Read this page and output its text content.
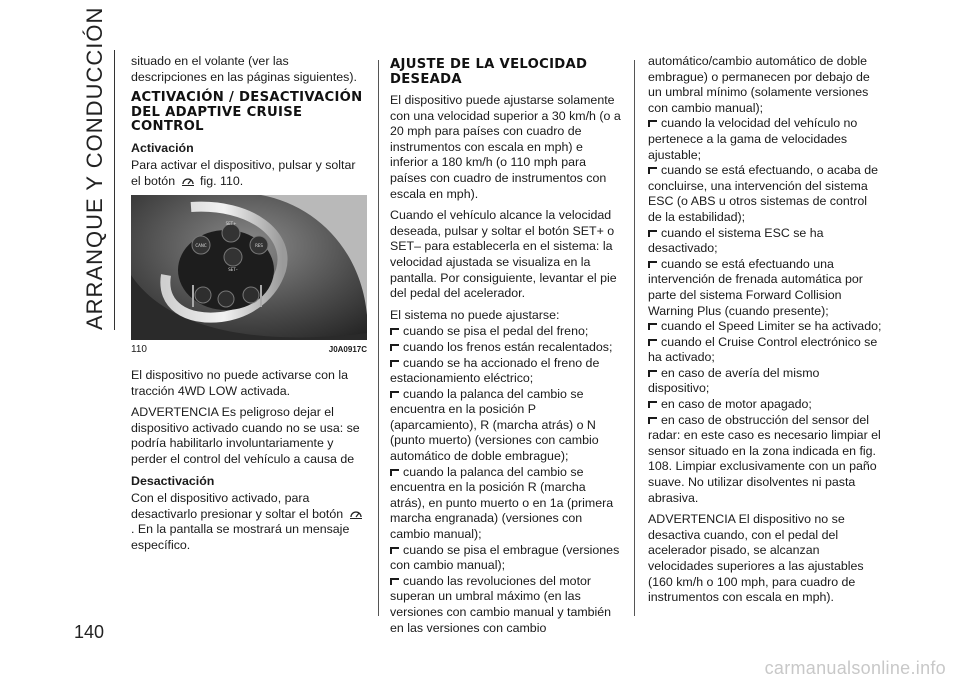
ARRANQUE Y CONDUCCIÓN
140

situado en el volante (ver las descripciones en las páginas siguientes).

ACTIVACIÓN / DESACTIVACIÓN DEL ADAPTIVE CRUISE CONTROL
Activación

Para activar el dispositivo, pulsar y soltar el botón fig. 110.

SET+
CANC
SET–
RES
110	J0A0917C

El dispositivo no puede activarse con la tracción 4WD LOW activada.

ADVERTENCIA Es peligroso dejar el dispositivo activado cuando no se usa: se podría habilitarlo involuntariamente y perder el control del vehículo a causa de

Desactivación

Con el dispositivo activado, para desactivarlo presionar y soltar el botón . En la pantalla se mostrará un mensaje específico.

AJUSTE DE LA VELOCIDAD DESEADA

El dispositivo puede ajustarse solamente con una velocidad superior a 30 km/h (o a 20 mph para países con cuadro de instrumentos con escala en mph) e inferior a 180 km/h (o 110 mph para países con cuadro de instrumentos con escala en mph).

Cuando el vehículo alcance la velocidad deseada, pulsar y soltar el botón SET+ o SET– para establecerla en el sistema: la velocidad ajustada se visualiza en la pantalla. Por consiguiente, levantar el pie del pedal del acelerador.

El sistema no puede ajustarse:

cuando se pisa el pedal del freno;
cuando los frenos están recalentados;
cuando se ha accionado el freno de estacionamiento eléctrico;
cuando la palanca del cambio se encuentra en la posición P (aparcamiento), R (marcha atrás) o N (punto muerto) (versiones con cambio automático de doble embrague);
cuando la palanca del cambio se encuentra en la posición R (marcha atrás), en punto muerto o en 1a (primera marcha engranada) (versiones con cambio manual);
cuando se pisa el embrague (versiones con cambio manual);
cuando las revoluciones del motor superan un umbral máximo (en las versiones con cambio manual y también en las versiones con cambio

automático/cambio automático de doble embrague) o permanecen por debajo de un umbral mínimo (solamente versiones con cambio manual);

cuando la velocidad del vehículo no pertenece a la gama de velocidades ajustable;
cuando se está efectuando, o acaba de concluirse, una intervención del sistema ESC (o ABS u otros sistemas de control de la estabilidad);
cuando el sistema ESC se ha desactivado;
cuando se está efectuando una intervención de frenada automática por parte del sistema Forward Collision Warning Plus (cuando presente);
cuando el Speed Limiter se ha activado;
cuando el Cruise Control electrónico se ha activado;
en caso de avería del mismo dispositivo;
en caso de motor apagado;
en caso de obstrucción del sensor del radar: en este caso es necesario limpiar el sensor situado en la zona indicada en fig. 108. Limpiar exclusivamente con un paño suave. No utilizar disolventes ni pasta abrasiva.

ADVERTENCIA El dispositivo no se desactiva cuando, con el pedal del acelerador pisado, se alcanzan velocidades superiores a las ajustables (160 km/h o 100 mph, para cuadro de instrumentos con escala en mph).

carmanualsonline.info
